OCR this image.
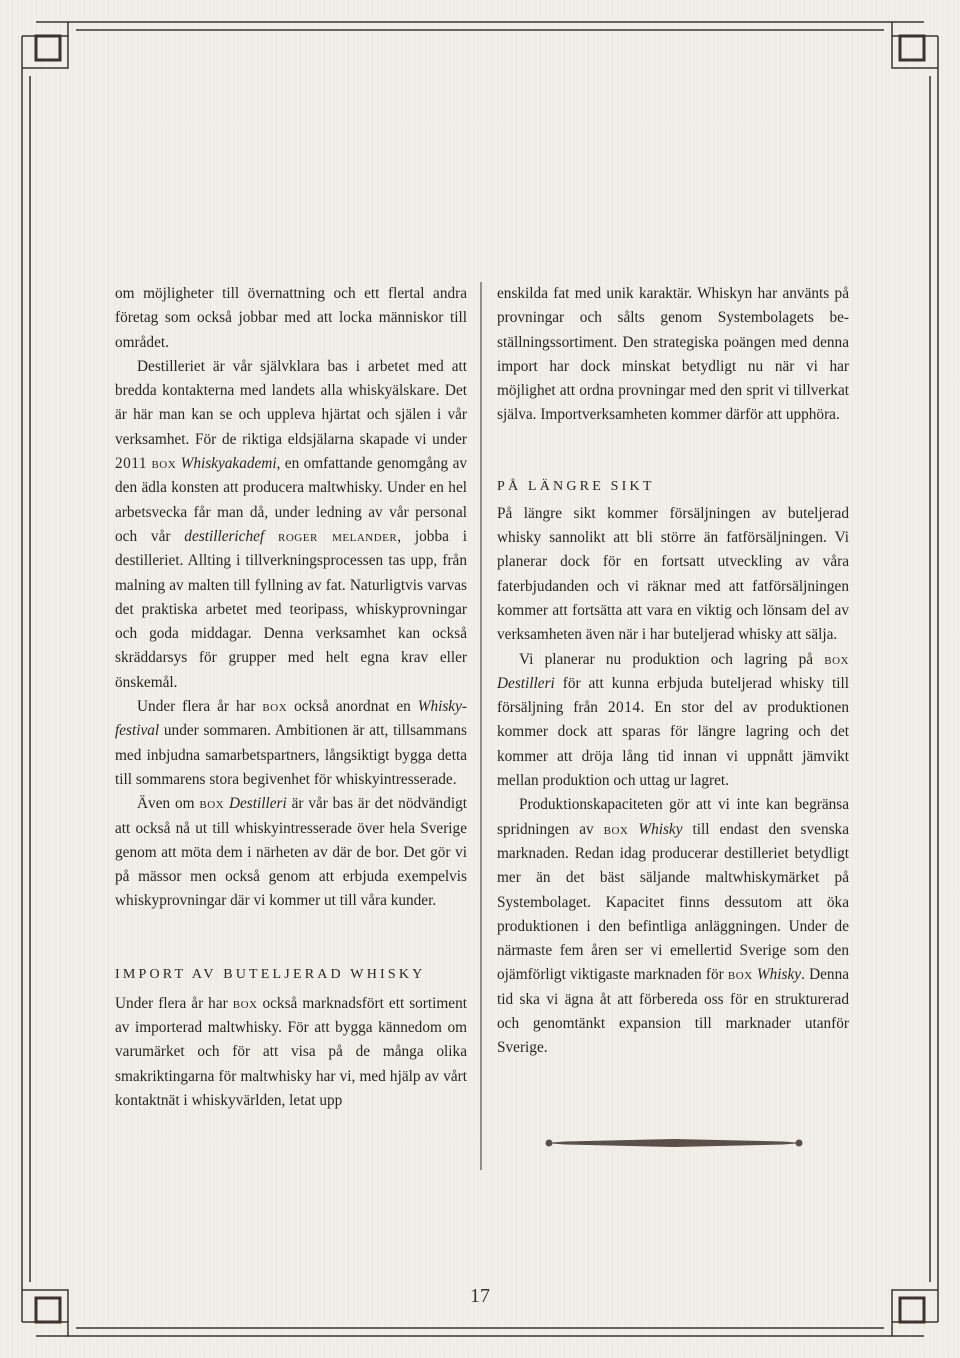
om möjligheter till övernattning och ett flertal andra företag som också jobbar med att locka människor till området.

Destilleriet är vår självklara bas i arbetet med att bredda kontakterna med landets alla whiskyälskare. Det är här man kan se och uppleva hjärtat och själen i vår verksamhet. För de riktiga eldsjälarna skapade vi under 2011 box Whiskyakademi, en omfattande genomgång av den ädla konsten att producera maltwhisky. Under en hel arbetsvecka får man då, under ledning av vår personal och vår destillerichef roger melander, jobba i destilleriet. Allting i tillverkningsprocessen tas upp, från malning av malten till fyllning av fat. Naturligtvis varvas det praktiska arbetet med teoripass, whiskyprovningar och goda middagar. Denna verksamhet kan också skräddarsys för grupper med helt egna krav eller önskemål.

Under flera år har box också anordnat en Whiskyfestival under sommaren. Ambitionen är att, tillsammans med inbjudna samarbetspartners, långsiktigt bygga detta till sommarens stora begivenhet för whiskyintresserade.

Även om box Destilleri är vår bas är det nödvändigt att också nå ut till whiskyintresserade över hela Sverige genom att möta dem i närheten av där de bor. Det gör vi på mässor men också genom att erbjuda exempelvis whiskyprovningar där vi kommer ut till våra kunder.

IMPORT AV BUTELJERAD WHISKY

Under flera år har box också marknadsfört ett sortiment av importerad maltwhisky. För att bygga kännedom om varumärket och för att visa på de många olika smakriktingarna för maltwhisky har vi, med hjälp av vårt kontaktnät i whiskyvärlden, letat upp

enskilda fat med unik karaktär. Whiskyn har använts på provningar och sålts genom Systembolagets beställningssortiment. Den strategiska poängen med denna import har dock minskat betydligt nu när vi har möjlighet att ordna provningar med den sprit vi tillverkat själva. Importverksamheten kommer därför att upphöra.

PÅ LÄNGRE SIKT

På längre sikt kommer försäljningen av buteljerad whisky sannolikt att bli större än fatförsäljningen. Vi planerar dock för en fortsatt utveckling av våra faterbjudanden och vi räknar med att fatförsäljningen kommer att fortsätta att vara en viktig och lönsam del av verksamheten även när i har buteljerad whisky att sälja.

Vi planerar nu produktion och lagring på box Destilleri för att kunna erbjuda buteljerad whisky till försäljning från 2014. En stor del av produktionen kommer dock att sparas för längre lagring och det kommer att dröja lång tid innan vi uppnått jämvikt mellan produktion och uttag ur lagret.

Produktionskapaciteten gör att vi inte kan begränsa spridningen av box Whisky till endast den svenska marknaden. Redan idag producerar destilleriet betydligt mer än det bäst säljande maltwhiskymärket på Systembolaget. Kapacitet finns dessutom att öka produktionen i den befintliga anläggningen. Under de närmaste fem åren ser vi emellertid Sverige som den ojämförligt viktigaste marknaden för box Whisky. Denna tid ska vi ägna åt att förbereda oss för en strukturerad och genomtänkt expansion till marknader utanför Sverige.

17
